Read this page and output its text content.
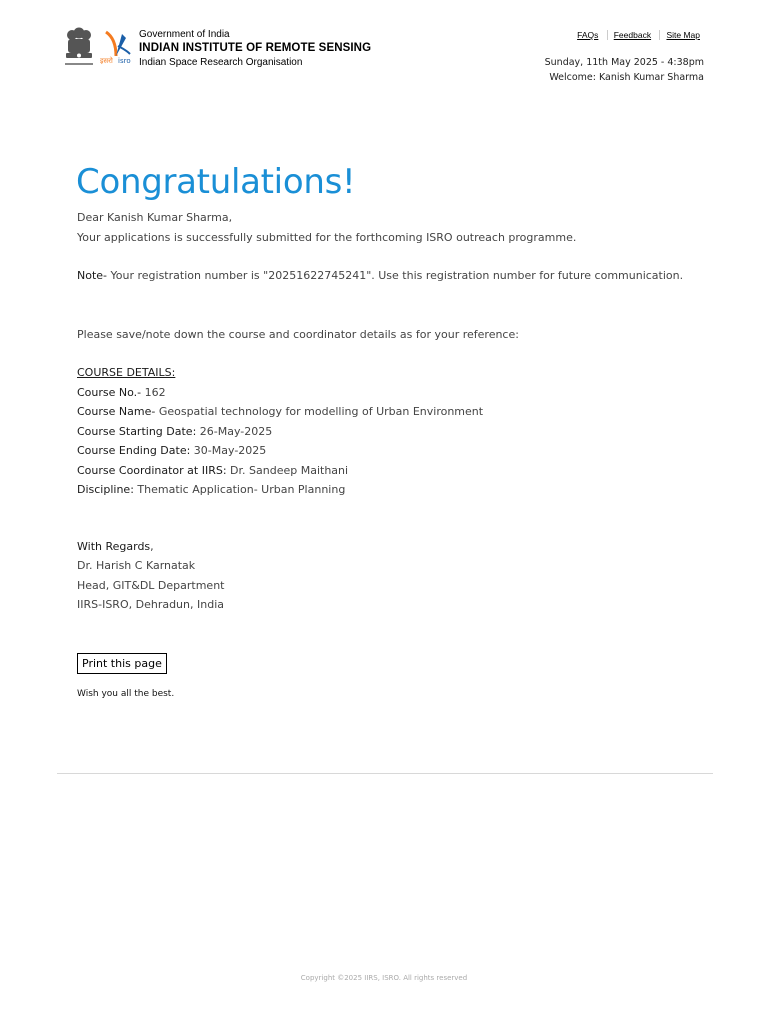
इसरो isro
Government of India
INDIAN INSTITUTE OF REMOTE SENSING
Indian Space Research Organisation
FAQs Feedback Site Map
Sunday, 11th May 2025 - 4:38pm
Welcome: Kanish Kumar Sharma
Congratulations!

Dear Kanish Kumar Sharma,

Your applications is successfully submitted for the forthcoming ISRO outreach programme.

Note- Your registration number is "20251622745241". Use this registration number for future communication.

Please save/note down the course and coordinator details as for your reference:

COURSE DETAILS:

Course No.- 162

Course Name- Geospatial technology for modelling of Urban Environment

Course Starting Date: 26-May-2025

Course Ending Date: 30-May-2025

Course Coordinator at IIRS: Dr. Sandeep Maithani

Discipline: Thematic Application- Urban Planning

With Regards,

Dr. Harish C Karnatak

Head, GIT&DL Department

IIRS-ISRO, Dehradun, India

Print this page
Wish you all the best.
Copyright ©2025 IIRS, ISRO. All rights reserved
